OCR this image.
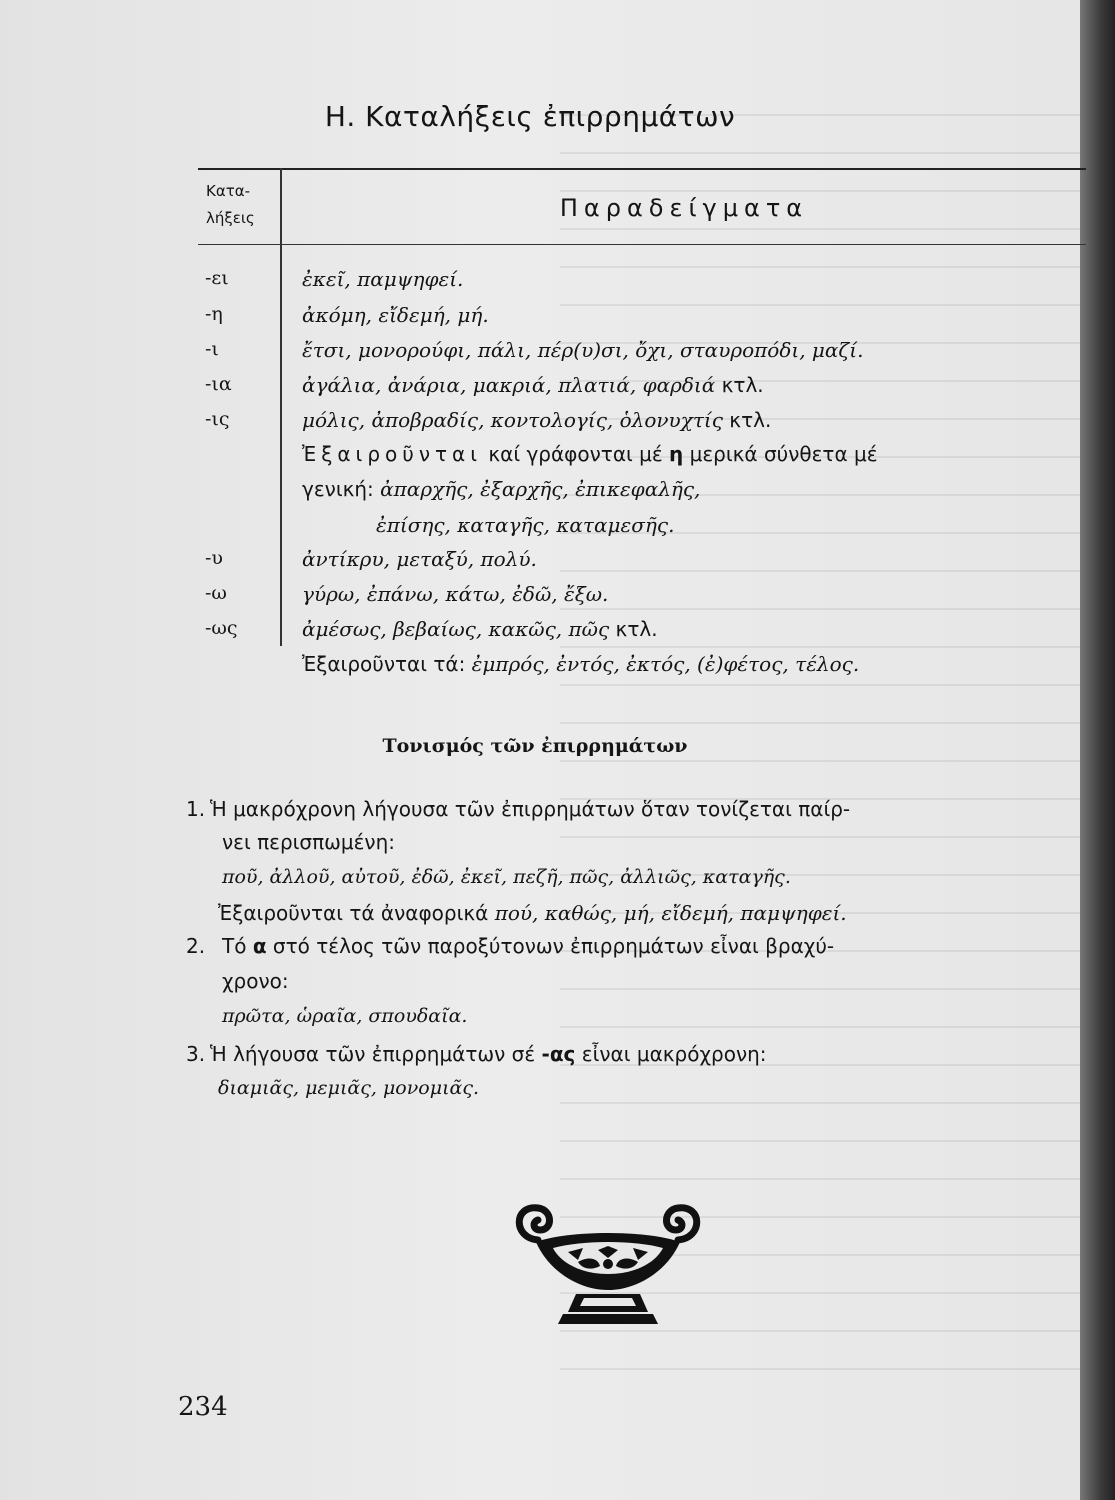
Η. Καταλήξεις ἐπιρρημάτων
Κατα-
λήξεις	Παραδείγματα
-ει	ἐκεῖ, παμψηφεί.
-η	ἀκόμη, εἴδεμή, μή.
-ι	ἔτσι, μονορούφι, πάλι, πέρ(υ)σι, ὄχι, σταυροπόδι, μαζί.
-ια	ἀγάλια, ἀνάρια, μακριά, πλατιά, φαρδιά κτλ.
-ις	μόλις, ἀποβραδίς, κοντολογίς, ὁλονυχτίς κτλ.
Ἐξαιροῦνται καί γράφονται μέ η μερικά σύνθετα μέ
γενική: ἀπαρχῆς, ἐξαρχῆς, ἐπικεφαλῆς,
ἐπίσης, καταγῆς, καταμεσῆς.
-υ	ἀντίκρυ, μεταξύ, πολύ.
-ω	γύρω, ἐπάνω, κάτω, ἐδῶ, ἔξω.
-ως	ἀμέσως, βεβαίως, κακῶς, πῶς κτλ.
Ἐξαιροῦνται τά: ἐμπρός, ἐντός, ἐκτός, (ἐ)φέτος, τέλος.
Τονισμός τῶν ἐπιρρημάτων
1. Ἡ μακρόχρονη λήγουσα τῶν ἐπιρρημάτων ὅταν τονίζεται παίρ-
νει περισπωμένη:
ποῦ, ἀλλοῦ, αὐτοῦ, ἐδῶ, ἐκεῖ, πεζῆ, πῶς, ἀλλιῶς, καταγῆς.
Ἐξαιροῦνται τά ἀναφορικά πού, καθώς, μή, εἴδεμή, παμψηφεί.
2. Τό α στό τέλος τῶν παροξύτονων ἐπιρρημάτων εἶναι βραχύ-
χρονο:
πρῶτα, ὡραῖα, σπουδαῖα.
3. Ἡ λήγουσα τῶν ἐπιρρημάτων σέ -ας εἶναι μακρόχρονη:
διαμιᾶς, μεμιᾶς, μονομιᾶς.
234
